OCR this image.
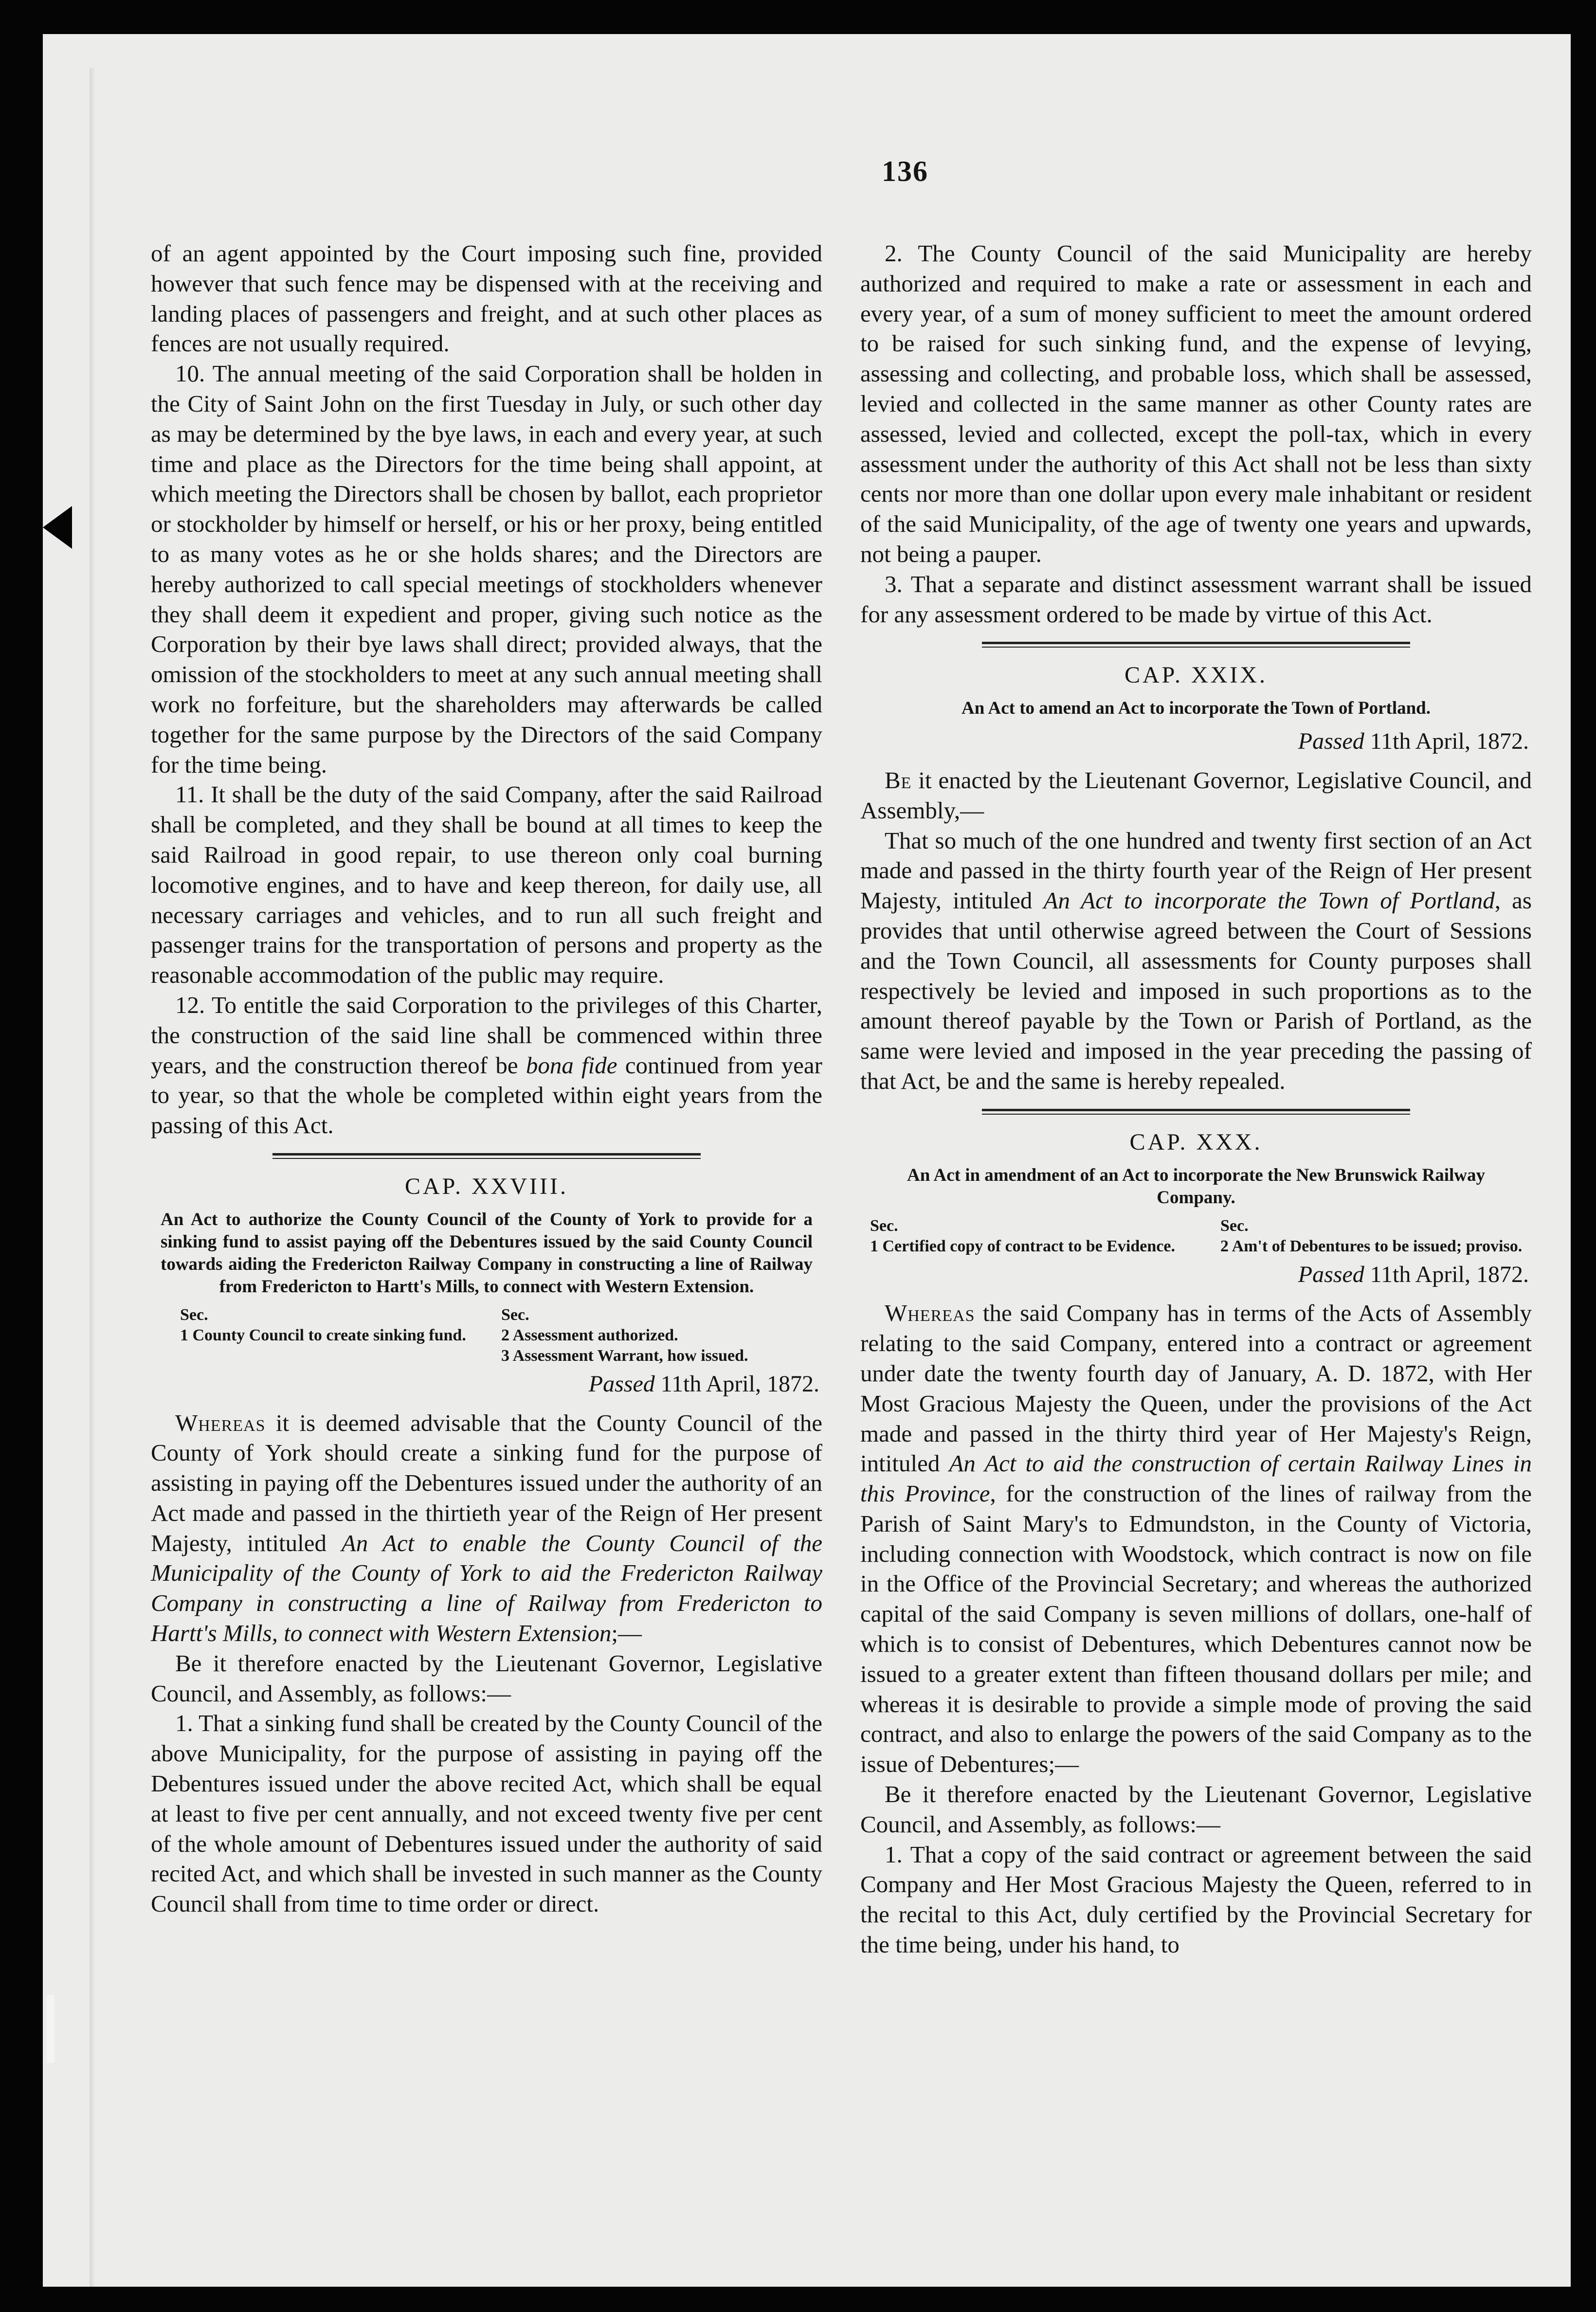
136

of an agent appointed by the Court imposing such fine, provided however that such fence may be dispensed with at the receiving and landing places of passengers and freight, and at such other places as fences are not usually required.

10. The annual meeting of the said Corporation shall be holden in the City of Saint John on the first Tuesday in July, or such other day as may be determined by the bye laws, in each and every year, at such time and place as the Directors for the time being shall appoint, at which meeting the Directors shall be chosen by ballot, each proprietor or stockholder by himself or herself, or his or her proxy, being entitled to as many votes as he or she holds shares; and the Directors are hereby authorized to call special meetings of stockholders whenever they shall deem it expedient and proper, giving such notice as the Corporation by their bye laws shall direct; provided always, that the omission of the stockholders to meet at any such annual meeting shall work no forfeiture, but the shareholders may afterwards be called together for the same purpose by the Directors of the said Company for the time being.

11. It shall be the duty of the said Company, after the said Railroad shall be completed, and they shall be bound at all times to keep the said Railroad in good repair, to use thereon only coal burning locomotive engines, and to have and keep thereon, for daily use, all necessary carriages and vehicles, and to run all such freight and passenger trains for the transportation of persons and property as the reasonable accommodation of the public may require.

12. To entitle the said Corporation to the privileges of this Charter, the construction of the said line shall be commenced within three years, and the construction thereof be bona fide continued from year to year, so that the whole be completed within eight years from the passing of this Act.

CAP. XXVIII.
An Act to authorize the County Council of the County of York to provide for a sinking fund to assist paying off the Debentures issued by the said County Council towards aiding the Fredericton Railway Company in constructing a line of Railway from Fredericton to Hartt's Mills, to connect with Western Extension.
Sec.
1 County Council to create sinking fund.
Sec.
2 Assessment authorized.
3 Assessment Warrant, how issued.
Passed 11th April, 1872.

Whereas it is deemed advisable that the County Council of the County of York should create a sinking fund for the purpose of assisting in paying off the Debentures issued under the authority of an Act made and passed in the thirtieth year of the Reign of Her present Majesty, intituled An Act to enable the County Council of the Municipality of the County of York to aid the Fredericton Railway Company in constructing a line of Railway from Fredericton to Hartt's Mills, to connect with Western Extension;—

Be it therefore enacted by the Lieutenant Governor, Legislative Council, and Assembly, as follows:—

1. That a sinking fund shall be created by the County Council of the above Municipality, for the purpose of assisting in paying off the Debentures issued under the above recited Act, which shall be equal at least to five per cent annually, and not exceed twenty five per cent of the whole amount of Debentures issued under the authority of said recited Act, and which shall be invested in such manner as the County Council shall from time to time order or direct.

2. The County Council of the said Municipality are hereby authorized and required to make a rate or assessment in each and every year, of a sum of money sufficient to meet the amount ordered to be raised for such sinking fund, and the expense of levying, assessing and collecting, and probable loss, which shall be assessed, levied and collected in the same manner as other County rates are assessed, levied and collected, except the poll-tax, which in every assessment under the authority of this Act shall not be less than sixty cents nor more than one dollar upon every male inhabitant or resident of the said Municipality, of the age of twenty one years and upwards, not being a pauper.

3. That a separate and distinct assessment warrant shall be issued for any assessment ordered to be made by virtue of this Act.

CAP. XXIX.
An Act to amend an Act to incorporate the Town of Portland.
Passed 11th April, 1872.

Be it enacted by the Lieutenant Governor, Legislative Council, and Assembly,—

That so much of the one hundred and twenty first section of an Act made and passed in the thirty fourth year of the Reign of Her present Majesty, intituled An Act to incorporate the Town of Portland, as provides that until otherwise agreed between the Court of Sessions and the Town Council, all assessments for County purposes shall respectively be levied and imposed in such proportions as to the amount thereof payable by the Town or Parish of Portland, as the same were levied and imposed in the year preceding the passing of that Act, be and the same is hereby repealed.

CAP. XXX.
An Act in amendment of an Act to incorporate the New Brunswick Railway Company.
Sec.
1 Certified copy of contract to be Evidence.
Sec.
2 Am't of Debentures to be issued; proviso.
Passed 11th April, 1872.

Whereas the said Company has in terms of the Acts of Assembly relating to the said Company, entered into a contract or agreement under date the twenty fourth day of January, A. D. 1872, with Her Most Gracious Majesty the Queen, under the provisions of the Act made and passed in the thirty third year of Her Majesty's Reign, intituled An Act to aid the construction of certain Railway Lines in this Province, for the construction of the lines of railway from the Parish of Saint Mary's to Edmundston, in the County of Victoria, including connection with Woodstock, which contract is now on file in the Office of the Provincial Secretary; and whereas the authorized capital of the said Company is seven millions of dollars, one-half of which is to consist of Debentures, which Debentures cannot now be issued to a greater extent than fifteen thousand dollars per mile; and whereas it is desirable to provide a simple mode of proving the said contract, and also to enlarge the powers of the said Company as to the issue of Debentures;—

Be it therefore enacted by the Lieutenant Governor, Legislative Council, and Assembly, as follows:—

1. That a copy of the said contract or agreement between the said Company and Her Most Gracious Majesty the Queen, referred to in the recital to this Act, duly certified by the Provincial Secretary for the time being, under his hand, to
